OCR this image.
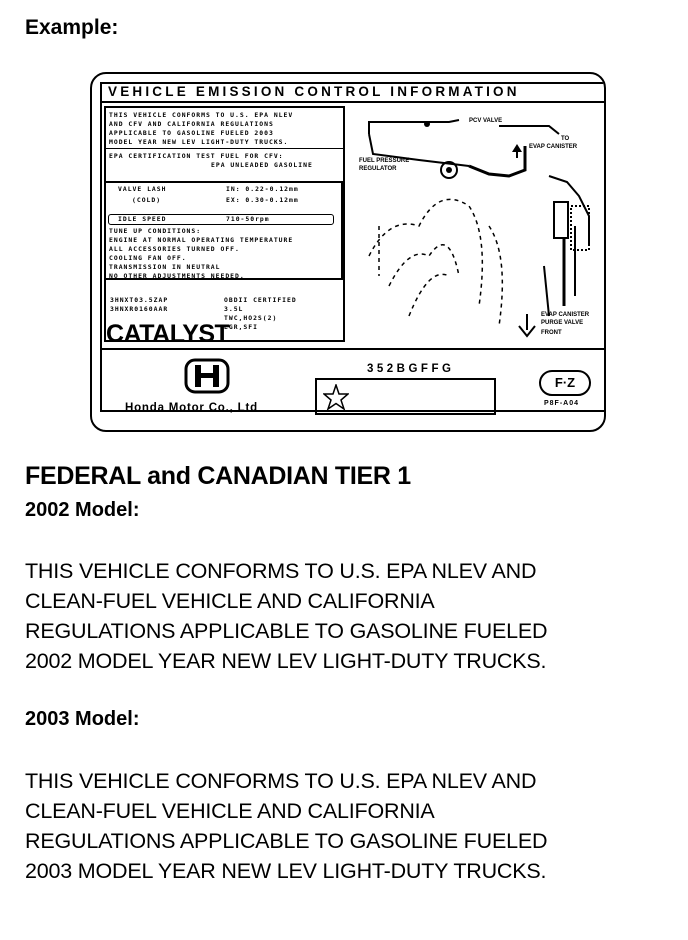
Example:
VEHICLE EMISSION CONTROL INFORMATION
THIS VEHICLE CONFORMS TO U.S. EPA NLEV
AND CFV AND CALIFORNIA REGULATIONS
APPLICABLE TO GASOLINE FUELED 2003
MODEL YEAR NEW LEV LIGHT-DUTY TRUCKS.
EPA CERTIFICATION TEST FUEL FOR CFV:
EPA UNLEADED GASOLINE
VALVE LASH	IN: 0.22-0.12mm
(COLD)	EX: 0.30-0.12mm
IDLE SPEED	710-50rpm
TUNE UP CONDITIONS:
ENGINE AT NORMAL OPERATING TEMPERATURE
ALL ACCESSORIES TURNED OFF.
COOLING FAN OFF.
TRANSMISSION IN NEUTRAL
NO OTHER ADJUSTMENTS NEEDED.
3HNXT03.5ZAP
3HNXR0160AAR
OBDII CERTIFIED
3.5L
TWC,HO2S(2)
EGR,SFI
CATALYST
PCV VALVE
TO
EVAP CANISTER
FUEL PRESSURE
REGULATOR
EVAP CANISTER
PURGE VALVE
FRONT
Honda Motor Co., Ltd
352BGFFG
F·Z
P8F-A04
FEDERAL and CANADIAN TIER 1
2002 Model:
THIS VEHICLE CONFORMS TO U.S. EPA NLEV AND
CLEAN-FUEL VEHICLE AND CALIFORNIA
REGULATIONS APPLICABLE TO GASOLINE FUELED
2002 MODEL YEAR NEW LEV LIGHT-DUTY TRUCKS.
2003 Model:
THIS VEHICLE CONFORMS TO U.S. EPA NLEV AND
CLEAN-FUEL VEHICLE AND CALIFORNIA
REGULATIONS APPLICABLE TO GASOLINE FUELED
2003 MODEL YEAR NEW LEV LIGHT-DUTY TRUCKS.
